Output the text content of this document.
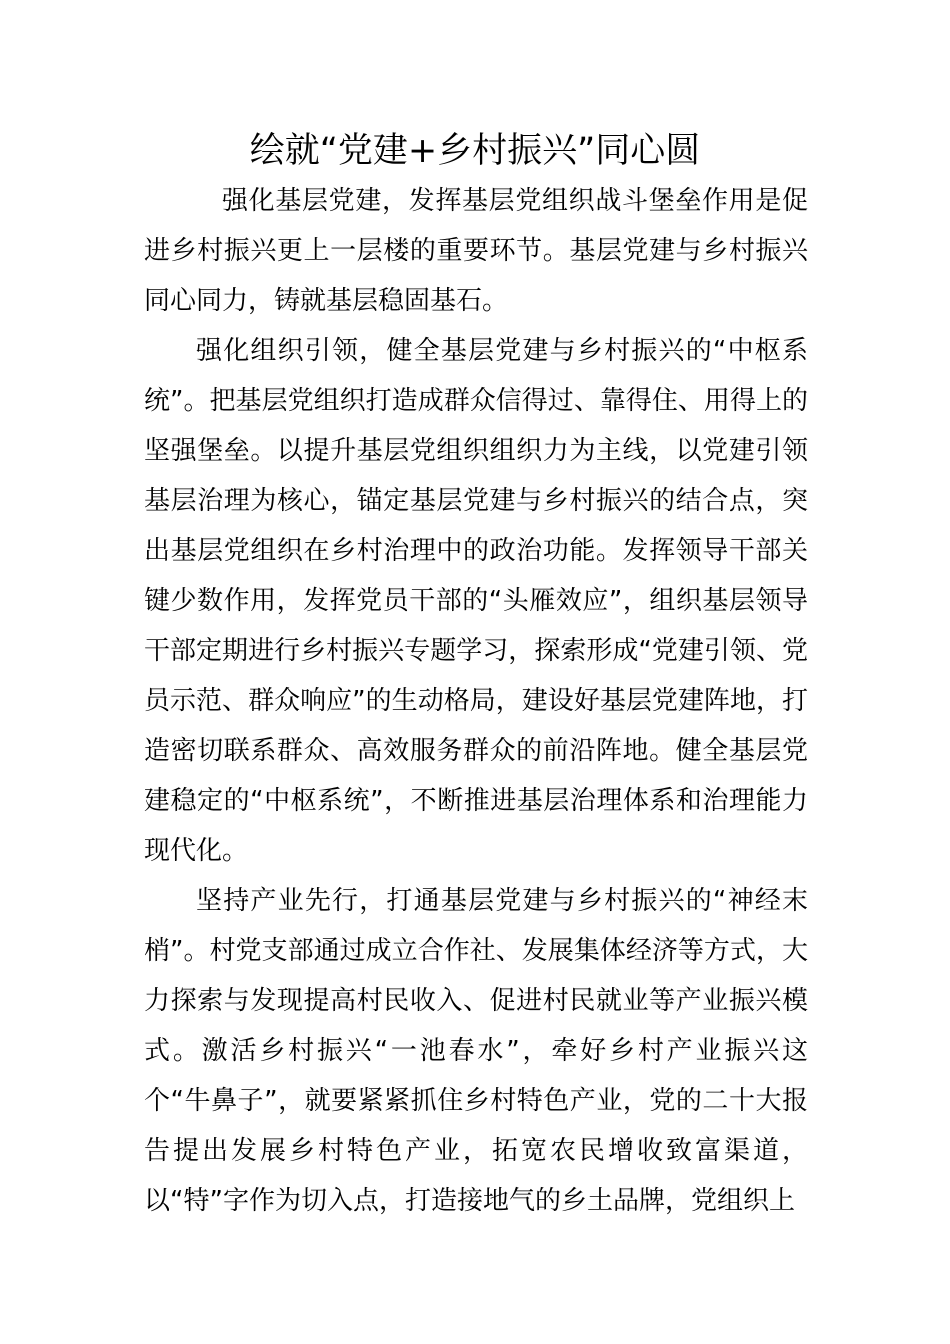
绘就“党建+乡村振兴”同心圆

强化基层党建，发挥基层党组织战斗堡垒作用是促进乡村振兴更上一层楼的重要环节。基层党建与乡村振兴同心同力，铸就基层稳固基石。

强化组织引领，健全基层党建与乡村振兴的“中枢系统”。把基层党组织打造成群众信得过、靠得住、用得上的坚强堡垒。以提升基层党组织组织力为主线，以党建引领基层治理为核心，锚定基层党建与乡村振兴的结合点，突出基层党组织在乡村治理中的政治功能。发挥领导干部关键少数作用，发挥党员干部的“头雁效应”，组织基层领导干部定期进行乡村振兴专题学习，探索形成“党建引领、党员示范、群众响应”的生动格局，建设好基层党建阵地，打造密切联系群众、高效服务群众的前沿阵地。健全基层党建稳定的“中枢系统”，不断推进基层治理体系和治理能力现代化。

坚持产业先行，打通基层党建与乡村振兴的“神经末梢”。村党支部通过成立合作社、发展集体经济等方式，大力探索与发现提高村民收入、促进村民就业等产业振兴模式。激活乡村振兴“一池春水”，牵好乡村产业振兴这个“牛鼻子”，就要紧紧抓住乡村特色产业，党的二十大报告提出发展乡村特色产业，拓宽农民增收致富渠道，以“特”字作为切入点，打造接地气的乡土品牌，党组织上
